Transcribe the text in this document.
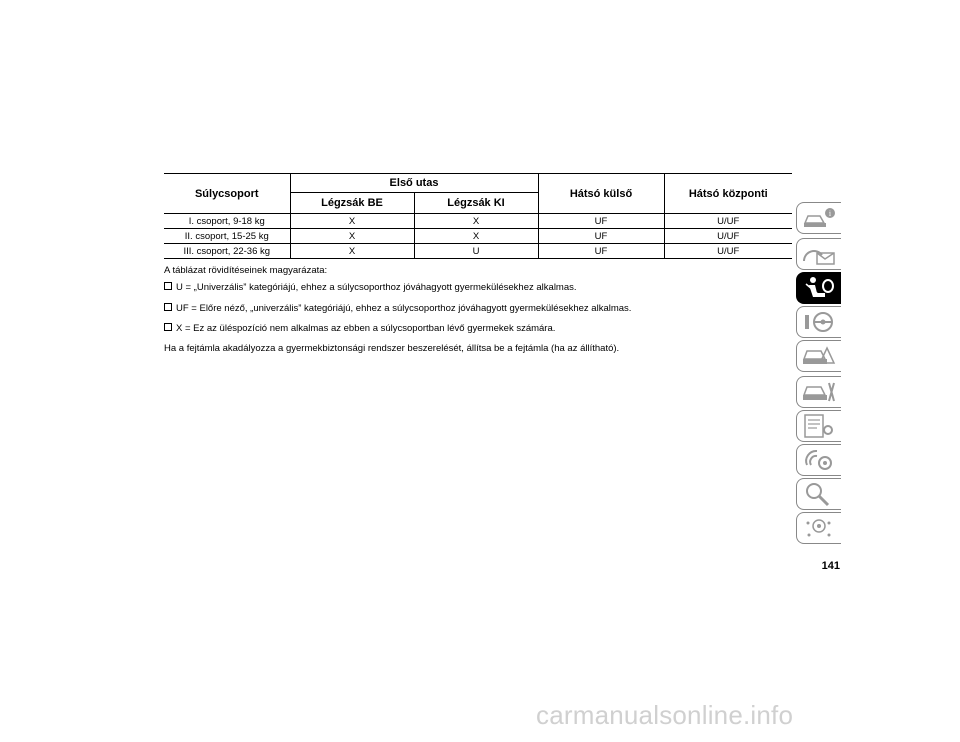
Súlycsoport	Első utas		Hátsó külső	Hátsó központi
	Légzsák BE	Légzsák KI		
I. csoport, 9-18 kg	X	X	UF	U/UF
II. csoport, 15-25 kg	X	X	UF	U/UF
III. csoport, 22-36 kg	X	U	UF	U/UF

A táblázat rövidítéseinek magyarázata:

U = „Univerzális” kategóriájú, ehhez a súlycsoporthoz jóváhagyott gyermekülésekhez alkalmas.

UF = Előre néző, „univerzális” kategóriájú, ehhez a súlycsoporthoz jóváhagyott gyermekülésekhez alkalmas.

X = Ez az üléspozíció nem alkalmas az ebben a súlycsoportban lévő gyermekek számára.

Ha a fejtámla akadályozza a gyermekbiztonsági rendszer beszerelését, állítsa be a fejtámla (ha az állítható).

i
141
carmanualsonline.info
